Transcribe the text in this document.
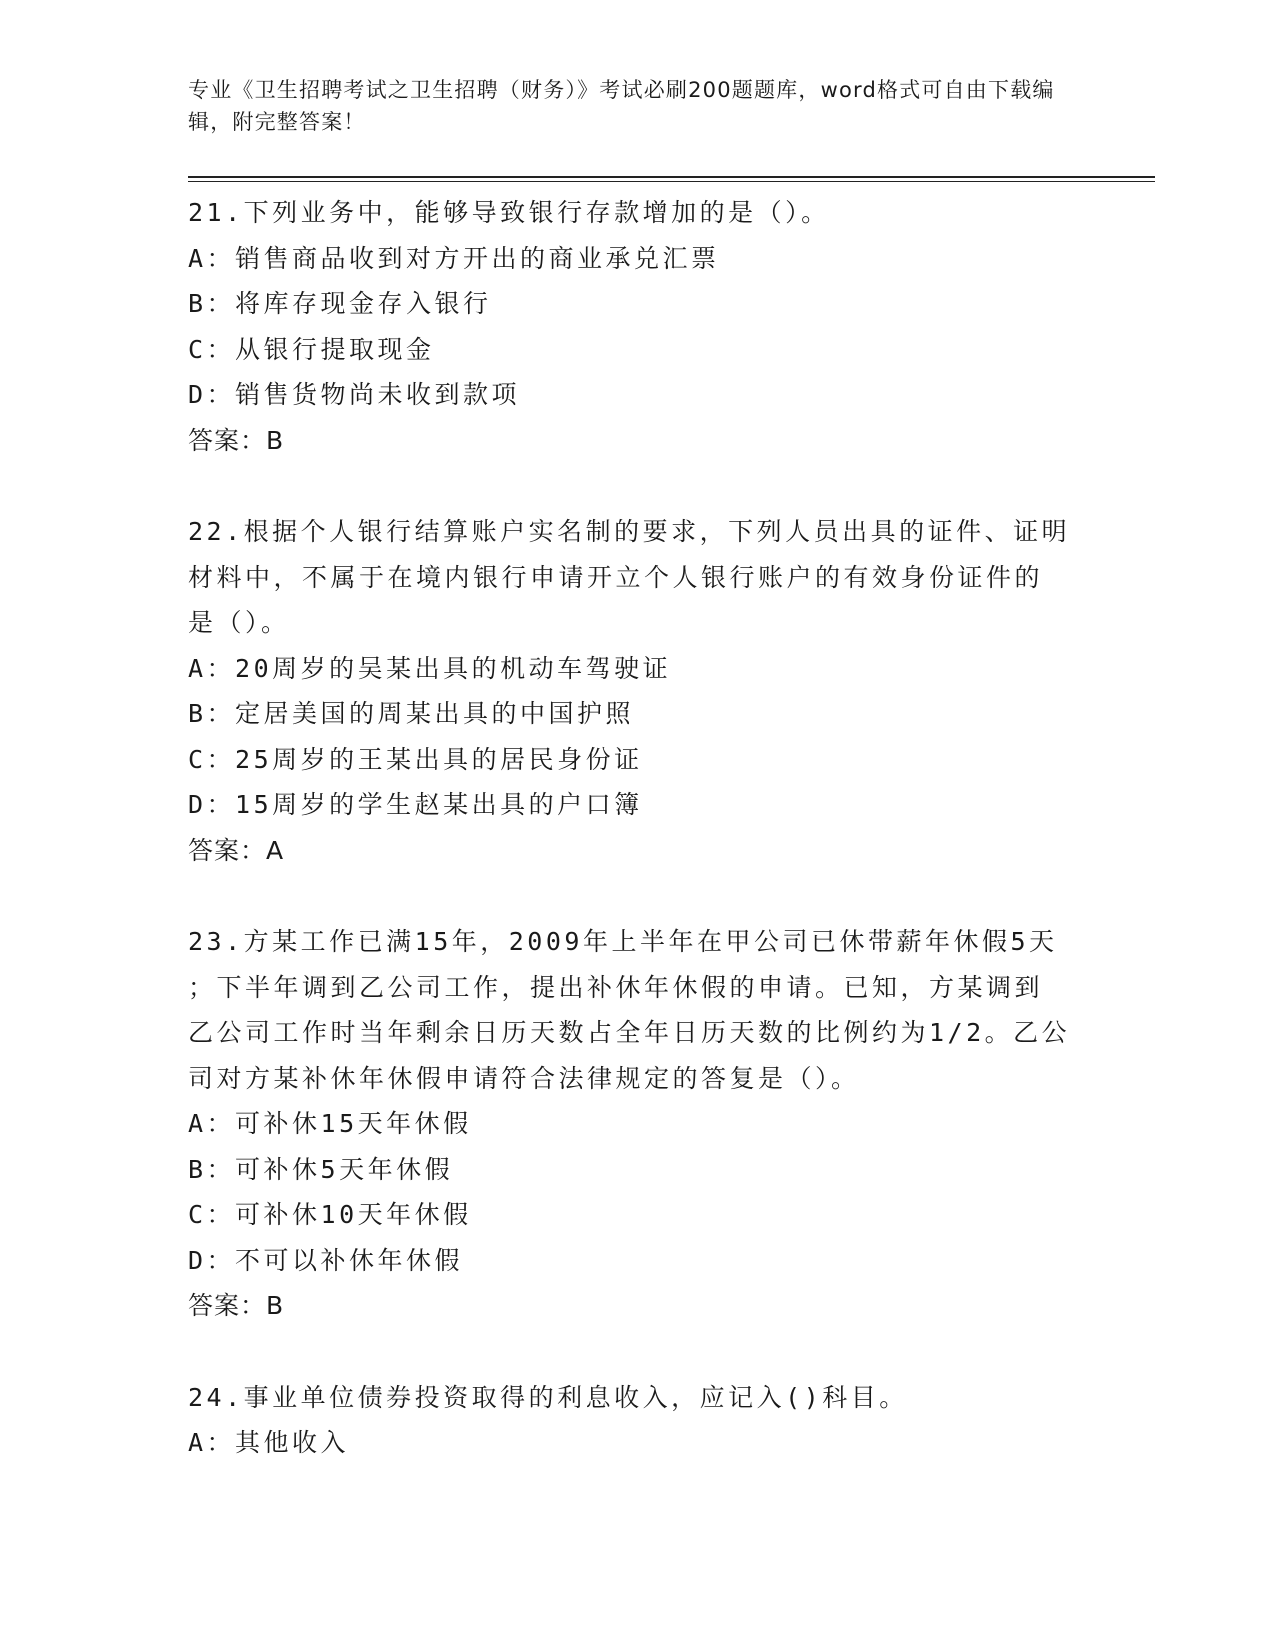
专业《卫生招聘考试之卫生招聘（财务）》考试必刷200题题库，word格式可自由下载编辑，附完整答案！
21.下列业务中，能够导致银行存款增加的是（）。
A：销售商品收到对方开出的商业承兑汇票
B：将库存现金存入银行
C：从银行提取现金
D：销售货物尚未收到款项
答案：B
22.根据个人银行结算账户实名制的要求，下列人员出具的证件、证明
材料中，不属于在境内银行申请开立个人银行账户的有效身份证件的
是（）。
A：20周岁的吴某出具的机动车驾驶证
B：定居美国的周某出具的中国护照
C：25周岁的王某出具的居民身份证
D：15周岁的学生赵某出具的户口簿
答案：A
23.方某工作已满15年，2009年上半年在甲公司已休带薪年休假5天
；下半年调到乙公司工作，提出补休年休假的申请。已知，方某调到
乙公司工作时当年剩余日历天数占全年日历天数的比例约为1/2。乙公
司对方某补休年休假申请符合法律规定的答复是（）。
A：可补休15天年休假
B：可补休5天年休假
C：可补休10天年休假
D：不可以补休年休假
答案：B
24.事业单位债券投资取得的利息收入，应记入()科目。
A：其他收入
